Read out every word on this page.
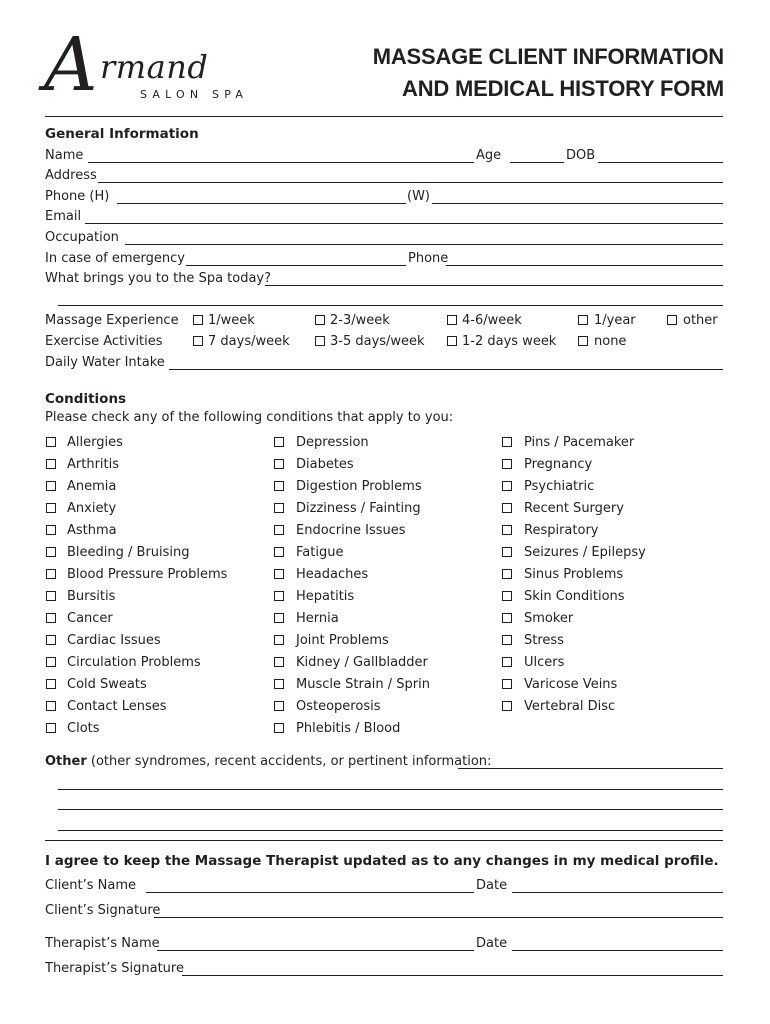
A rmand
SALON SPA
MASSAGE CLIENT INFORMATION
AND MEDICAL HISTORY FORM
General Information
Name	Age	DOB
Address
Phone (H)	(W)
Email
Occupation
In case of emergency	Phone
What brings you to the Spa today?
Massage Experience 1/week	2-3/week	4-6/week	1/year	other
Exercise Activities	7 days/week	3-5 days/week	1-2 days week	none
Daily Water Intake
Conditions
Please check any of the following conditions that apply to you:
Allergies
Arthritis
Anemia
Anxiety
Asthma
Bleeding / Bruising
Blood Pressure Problems
Bursitis
Cancer
Cardiac Issues
Circulation Problems
Cold Sweats
Contact Lenses
Clots
Depression
Diabetes
Digestion Problems
Dizziness / Fainting
Endocrine Issues
Fatigue
Headaches
Hepatitis
Hernia
Joint Problems
Kidney / Gallbladder
Muscle Strain / Sprin
Osteoperosis
Phlebitis / Blood
Pins / Pacemaker
Pregnancy
Psychiatric
Recent Surgery
Respiratory
Seizures / Epilepsy
Sinus Problems
Skin Conditions
Smoker
Stress
Ulcers
Varicose Veins
Vertebral Disc
Other (other syndromes, recent accidents, or pertinent information:
I agree to keep the Massage Therapist updated as to any changes in my medical profile.
Client’s Name	Date
Client’s Signature
Therapist’s Name	Date
Therapist’s Signature
